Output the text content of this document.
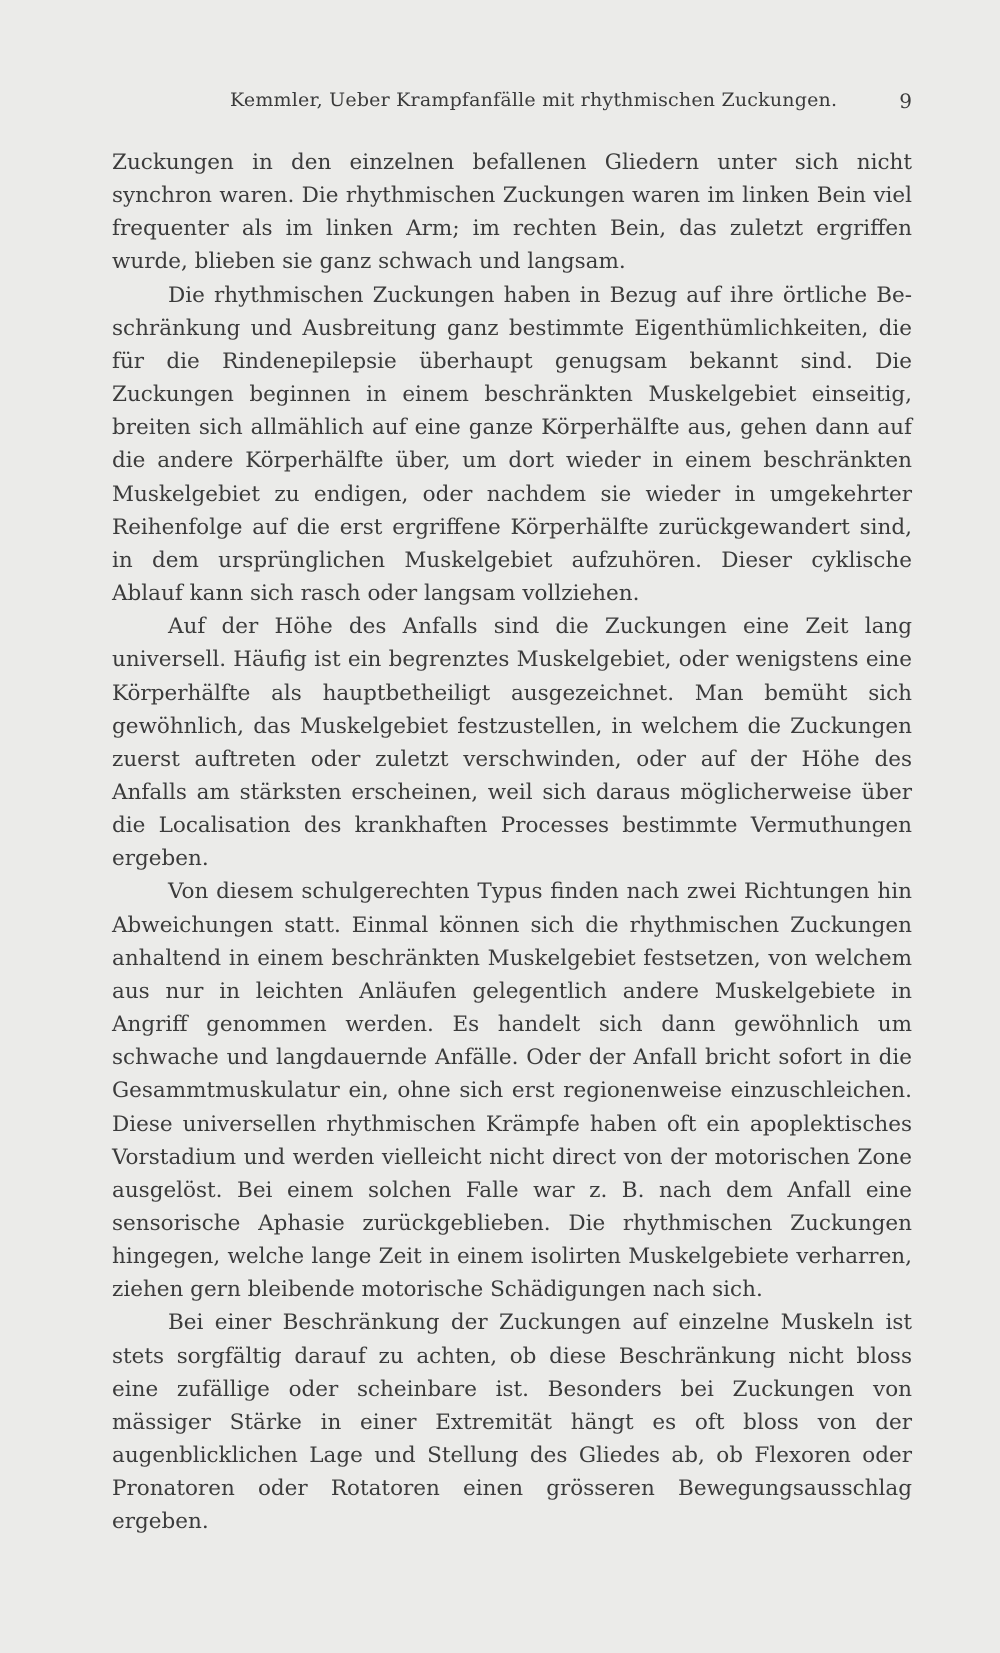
Kemmler, Ueber Krampfanfälle mit rhythmischen Zuckungen.	9

Zuckungen in den einzelnen befallenen Gliedern unter sich nicht synchron waren. Die rhythmischen Zuckungen waren im linken Bein viel frequenter als im linken Arm; im rechten Bein, das zuletzt ergriffen wurde, blieben sie ganz schwach und langsam.

Die rhythmischen Zuckungen haben in Bezug auf ihre örtliche Beschränkung und Ausbreitung ganz bestimmte Eigenthümlichkeiten, die für die Rindenepilepsie überhaupt genugsam bekannt sind. Die Zuckungen beginnen in einem beschränkten Muskelgebiet einseitig, breiten sich allmählich auf eine ganze Körperhälfte aus, gehen dann auf die andere Körperhälfte über, um dort wieder in einem beschränkten Muskelgebiet zu endigen, oder nachdem sie wieder in umgekehrter Reihenfolge auf die erst ergriffene Körperhälfte zurückgewandert sind, in dem ursprünglichen Muskelgebiet aufzuhören. Dieser cyklische Ablauf kann sich rasch oder langsam vollziehen.

Auf der Höhe des Anfalls sind die Zuckungen eine Zeit lang universell. Häufig ist ein begrenztes Muskelgebiet, oder wenigstens eine Körperhälfte als hauptbetheiligt ausgezeichnet. Man bemüht sich gewöhnlich, das Muskelgebiet festzustellen, in welchem die Zuckungen zuerst auftreten oder zuletzt verschwinden, oder auf der Höhe des Anfalls am stärksten erscheinen, weil sich daraus möglicherweise über die Localisation des krankhaften Processes bestimmte Vermuthungen ergeben.

Von diesem schulgerechten Typus finden nach zwei Richtungen hin Abweichungen statt. Einmal können sich die rhythmischen Zuckungen anhaltend in einem beschränkten Muskelgebiet festsetzen, von welchem aus nur in leichten Anläufen gelegentlich andere Muskelgebiete in Angriff genommen werden. Es handelt sich dann gewöhnlich um schwache und langdauernde Anfälle. Oder der Anfall bricht sofort in die Gesammtmuskulatur ein, ohne sich erst regionenweise einzuschleichen. Diese universellen rhythmischen Krämpfe haben oft ein apoplektisches Vorstadium und werden vielleicht nicht direct von der motorischen Zone ausgelöst. Bei einem solchen Falle war z. B. nach dem Anfall eine sensorische Aphasie zurückgeblieben. Die rhythmischen Zuckungen hingegen, welche lange Zeit in einem isolirten Muskelgebiete verharren, ziehen gern bleibende motorische Schädigungen nach sich.

Bei einer Beschränkung der Zuckungen auf einzelne Muskeln ist stets sorgfältig darauf zu achten, ob diese Beschränkung nicht bloss eine zufällige oder scheinbare ist. Besonders bei Zuckungen von mässiger Stärke in einer Extremität hängt es oft bloss von der augenblicklichen Lage und Stellung des Gliedes ab, ob Flexoren oder Pronatoren oder Rotatoren einen grösseren Bewegungsausschlag ergeben.
